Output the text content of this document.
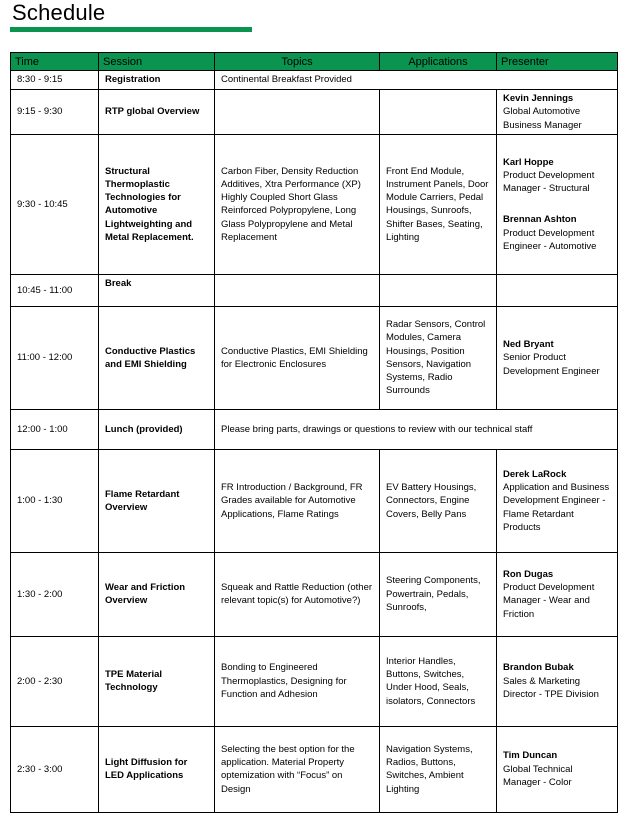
Schedule
Time	Session	Topics	Applications	Presenter
8:30 - 9:15	Registration	Continental Breakfast Provided		
9:15 - 9:30	RTP global Overview			Kevin Jennings
Global Automotive Business Manager

9:30 - 10:45	Structural Thermoplastic Technologies for Automotive Lightweighting and Metal Replacement.	Carbon Fiber, Density Reduction Additives, Xtra Performance (XP) Highly Coupled Short Glass Reinforced Polypropylene, Long Glass Polypropylene and Metal Replacement	Front End Module, Instrument Panels, Door Module Carriers, Pedal Housings, Sunroofs, Shifter Bases, Seating, Lighting	Karl Hoppe
Product Development Manager - Structural
Brennan Ashton
Product Development Engineer - Automotive

10:45 - 11:00	Break			
11:00 - 12:00	Conductive Plastics and EMI Shielding	Conductive Plastics, EMI Shielding for Electronic Enclosures	Radar Sensors, Control Modules, Camera Housings, Position Sensors, Navigation Systems, Radio Surrounds	Ned Bryant
Senior Product Development Engineer

12:00 - 1:00	Lunch (provided)	Please bring parts, drawings or questions to review with our technical staff		
1:00 - 1:30	Flame Retardant Overview	FR Introduction / Background, FR Grades available for Automotive Applications, Flame Ratings	EV Battery Housings, Connectors, Engine Covers, Belly Pans	Derek LaRock
Application and Business Development Engineer - Flame Retardant Products

1:30 - 2:00	Wear and Friction Overview	Squeak and Rattle Reduction (other relevant topic(s) for Automotive?)	Steering Components, Powertrain, Pedals, Sunroofs,	Ron Dugas
Product Development Manager - Wear and Friction

2:00 - 2:30	TPE Material Technology	Bonding to Engineered Thermoplastics, Designing for Function and Adhesion	Interior Handles, Buttons, Switches, Under Hood, Seals, isolators, Connectors	Brandon Bubak
Sales & Marketing Director - TPE Division

2:30 - 3:00	Light Diffusion for LED Applications	Selecting the best option for the application. Material Property optemization with “Focus” on Design	Navigation Systems, Radios, Buttons, Switches, Ambient Lighting	Tim Duncan
Global Technical Manager - Color
